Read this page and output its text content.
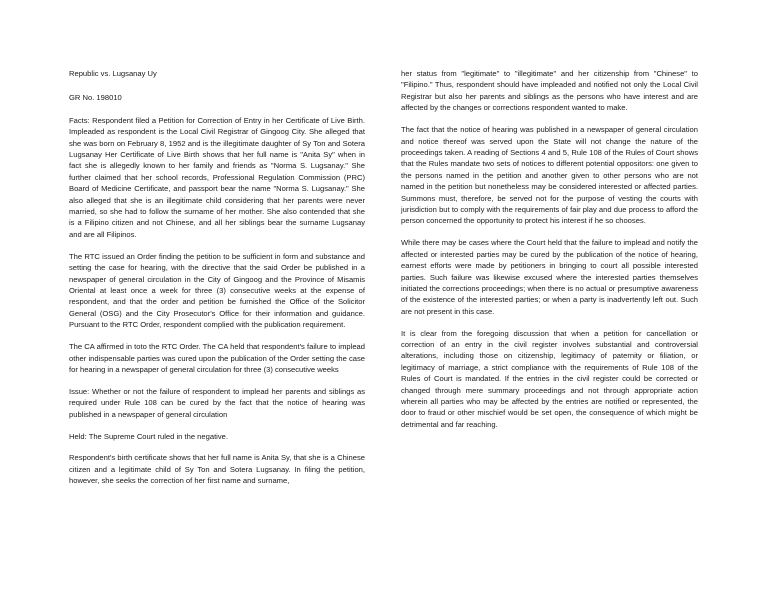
Republic vs. Lugsanay Uy

GR No. 198010

Facts: Respondent filed a Petition for Correction of Entry in her Certificate of Live Birth. Impleaded as respondent is the Local Civil Registrar of Gingoog City. She alleged that she was born on February 8, 1952 and is the illegitimate daughter of Sy Ton and Sotera Lugsanay Her Certificate of Live Birth shows that her full name is "Anita Sy" when in fact she is allegedly known to her family and friends as "Norma S. Lugsanay." She further claimed that her school records, Professional Regulation Commission (PRC) Board of Medicine Certificate, and passport bear the name "Norma S. Lugsanay." She also alleged that she is an illegitimate child considering that her parents were never married, so she had to follow the surname of her mother. She also contended that she is a Filipino citizen and not Chinese, and all her siblings bear the surname Lugsanay and are all Filipinos.

The RTC issued an Order finding the petition to be sufficient in form and substance and setting the case for hearing, with the directive that the said Order be published in a newspaper of general circulation in the City of Gingoog and the Province of Misamis Oriental at least once a week for three (3) consecutive weeks at the expense of respondent, and that the order and petition be furnished the Office of the Solicitor General (OSG) and the City Prosecutor's Office for their information and guidance. Pursuant to the RTC Order, respondent complied with the publication requirement.

The CA affirmed in toto the RTC Order. The CA held that respondent's failure to implead other indispensable parties was cured upon the publication of the Order setting the case for hearing in a newspaper of general circulation for three (3) consecutive weeks

Issue: Whether or not the failure of respondent to implead her parents and siblings as required under Rule 108 can be cured by the fact that the notice of hearing was published in a newspaper of general circulation

Held: The Supreme Court ruled in the negative.

Respondent's birth certificate shows that her full name is Anita Sy, that she is a Chinese citizen and a legitimate child of Sy Ton and Sotera Lugsanay. In filing the petition, however, she seeks the correction of her first name and surname,

her status from "legitimate" to "illegitimate" and her citizenship from "Chinese" to "Filipino." Thus, respondent should have impleaded and notified not only the Local Civil Registrar but also her parents and siblings as the persons who have interest and are affected by the changes or corrections respondent wanted to make.

The fact that the notice of hearing was published in a newspaper of general circulation and notice thereof was served upon the State will not change the nature of the proceedings taken. A reading of Sections 4 and 5, Rule 108 of the Rules of Court shows that the Rules mandate two sets of notices to different potential oppositors: one given to the persons named in the petition and another given to other persons who are not named in the petition but nonetheless may be considered interested or affected parties. Summons must, therefore, be served not for the purpose of vesting the courts with jurisdiction but to comply with the requirements of fair play and due process to afford the person concerned the opportunity to protect his interest if he so chooses.

While there may be cases where the Court held that the failure to implead and notify the affected or interested parties may be cured by the publication of the notice of hearing, earnest efforts were made by petitioners in bringing to court all possible interested parties. Such failure was likewise excused where the interested parties themselves initiated the corrections proceedings; when there is no actual or presumptive awareness of the existence of the interested parties; or when a party is inadvertently left out. Such are not present in this case.

It is clear from the foregoing discussion that when a petition for cancellation or correction of an entry in the civil register involves substantial and controversial alterations, including those on citizenship, legitimacy of paternity or filiation, or legitimacy of marriage, a strict compliance with the requirements of Rule 108 of the Rules of Court is mandated. If the entries in the civil register could be corrected or changed through mere summary proceedings and not through appropriate action wherein all parties who may be affected by the entries are notified or represented, the door to fraud or other mischief would be set open, the consequence of which might be detrimental and far reaching.
